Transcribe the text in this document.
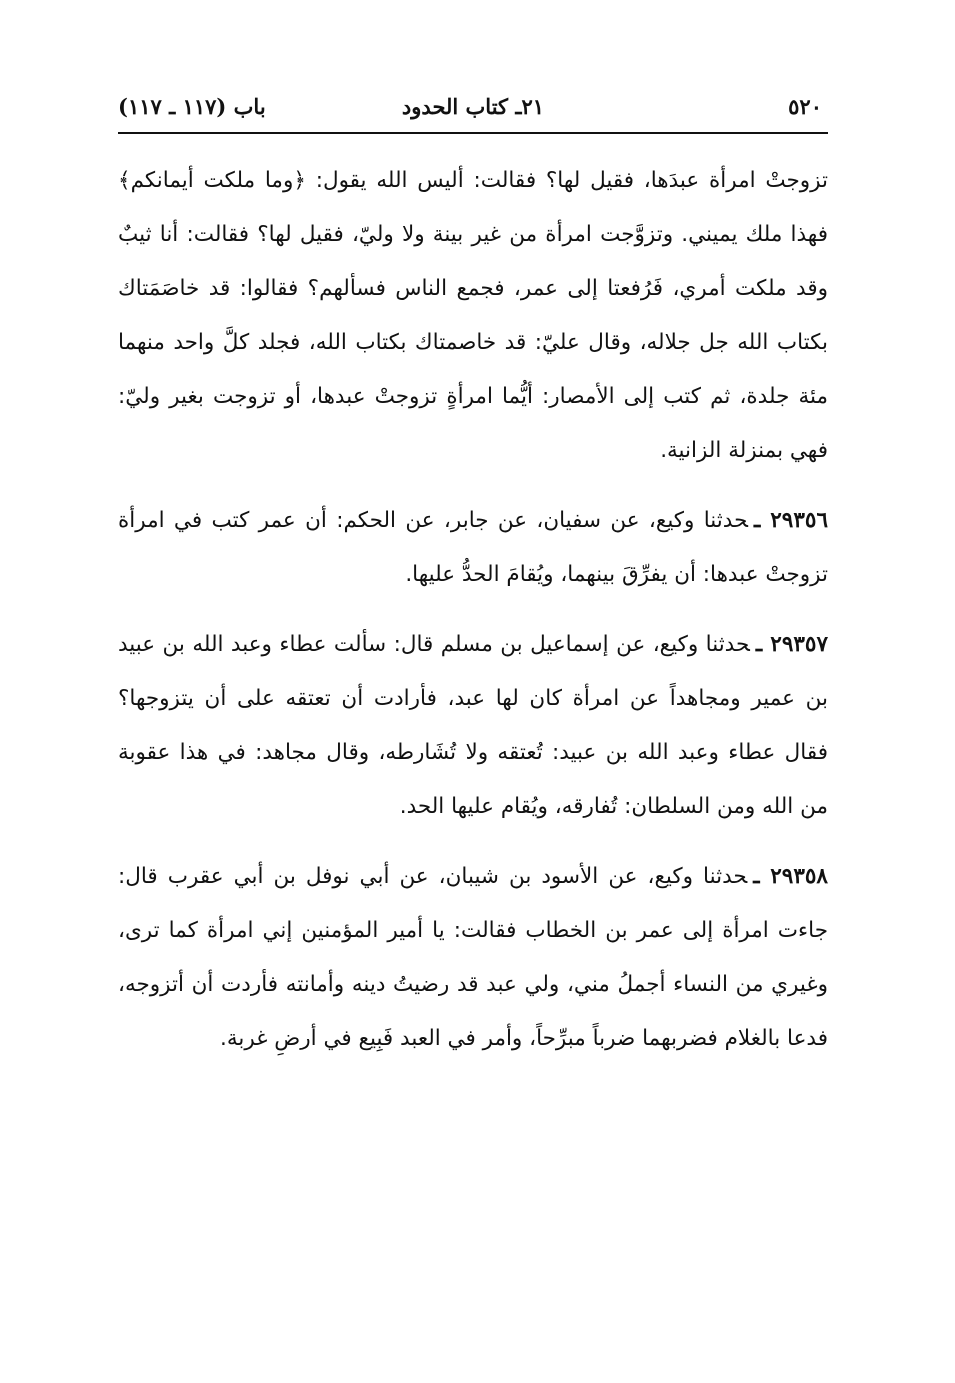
٥٢٠
٢١ـ كتاب الحدود
باب (١١٧ ـ ١١٧)

تزوجتْ امرأة عبدَها، فقيل لها؟ فقالت: أليس الله يقول: ﴿وما ملكت أيمانكم﴾ فهذا ملك يميني. وتزوَّجت امرأة من غير بينة ولا وليّ، فقيل لها؟ فقالت: أنا ثيبٌ وقد ملكت أمري، فَرُفعتا إلى عمر، فجمع الناس فسألهم؟ فقالوا: قد خاصَمَتاك بكتاب الله جل جلاله، وقال عليّ: قد خاصمتاك بكتاب الله، فجلد كلَّ واحد منهما مئة جلدة، ثم كتب إلى الأمصار: أيُّما امرأةٍ تزوجتْ عبدها، أو تزوجت بغير وليّ: فهي بمنزلة الزانية.

٢٩٣٥٦ ـحدثنا وكيع، عن سفيان، عن جابر، عن الحكم: أن عمر كتب في امرأة تزوجتْ عبدها: أن يفرِّقَ بينهما، ويُقامَ الحدُّ عليها.

٢٩٣٥٧ ـحدثنا وكيع، عن إسماعيل بن مسلم قال: سألت عطاء وعبد الله بن عبيد بن عمير ومجاهداً عن امرأة كان لها عبد، فأرادت أن تعتقه على أن يتزوجها؟ فقال عطاء وعبد الله بن عبيد: تُعتقه ولا تُشَارطه، وقال مجاهد: في هذا عقوبة من الله ومن السلطان: تُفارقه، ويُقام عليها الحد.

٢٩٣٥٨ ـحدثنا وكيع، عن الأسود بن شيبان، عن أبي نوفل بن أبي عقرب قال: جاءت امرأة إلى عمر بن الخطاب فقالت: يا أمير المؤمنين إني امرأة كما ترى، وغيري من النساء أجملُ مني، ولي عبد قد رضيتُ دينه وأمانته فأردت أن أتزوجه، فدعا بالغلام فضربهما ضرباً مبرِّحاً، وأمر في العبد فَبِيع في أرضِ غربة.
